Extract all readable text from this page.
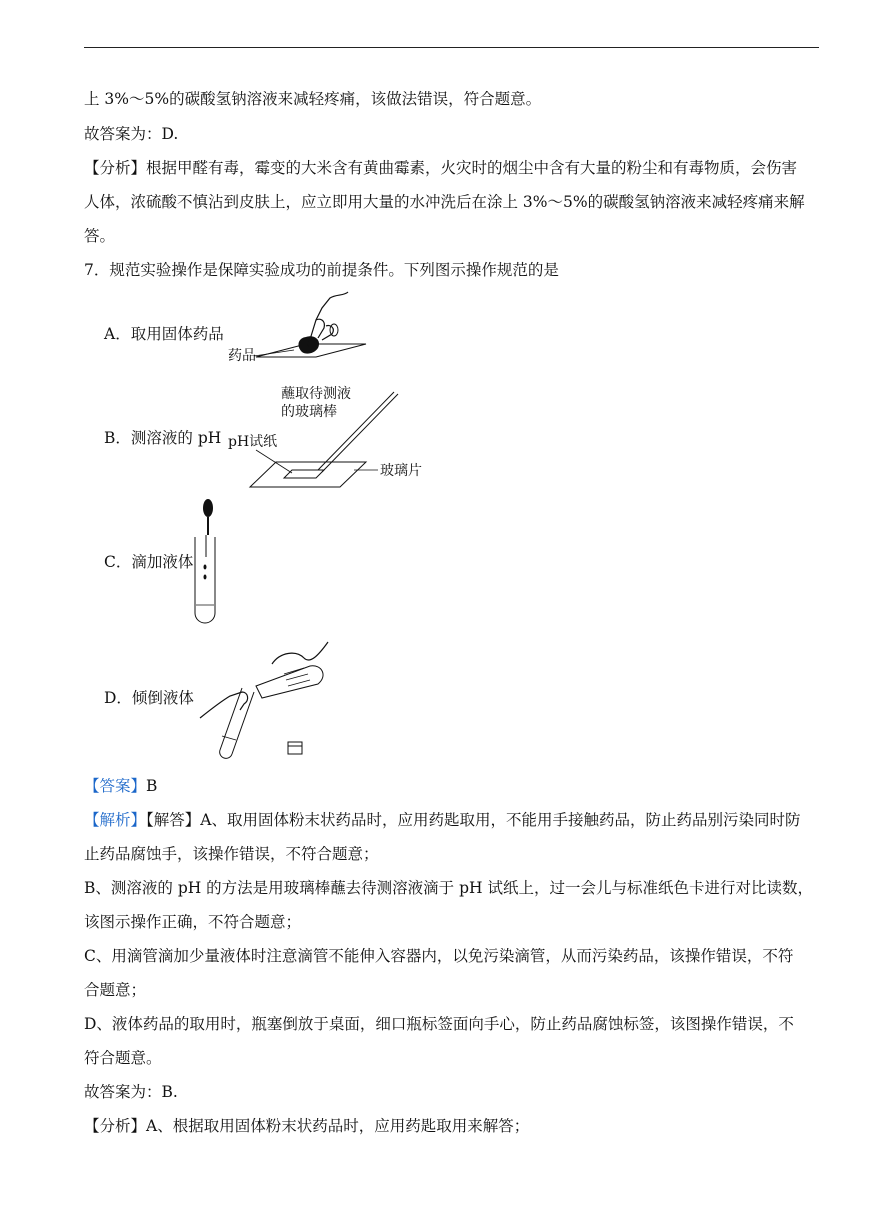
上 3%～5%的碳酸氢钠溶液来减轻疼痛，该做法错误，符合题意。
故答案为：D.
【分析】根据甲醛有毒，霉变的大米含有黄曲霉素，火灾时的烟尘中含有大量的粉尘和有毒物质，会伤害
人体，浓硫酸不慎沾到皮肤上，应立即用大量的水冲洗后在涂上 3%～5%的碳酸氢钠溶液来减轻疼痛来解
答。
7．规范实验操作是保障实验成功的前提条件。下列图示操作规范的是
A．取用固体药品
药品
B．测溶液的 pH
蘸取待测液
的玻璃棒
pH试纸
玻璃片
C．滴加液体
D．倾倒液体
【答案】B
【解析】【解答】A、取用固体粉末状药品时，应用药匙取用，不能用手接触药品，防止药品别污染同时防
止药品腐蚀手，该操作错误，不符合题意；
B、测溶液的 pH 的方法是用玻璃棒蘸去待测溶液滴于 pH 试纸上，过一会儿与标准纸色卡进行对比读数，
该图示操作正确，不符合题意；
C、用滴管滴加少量液体时注意滴管不能伸入容器内，以免污染滴管，从而污染药品，该操作错误，不符
合题意；
D、液体药品的取用时，瓶塞倒放于桌面，细口瓶标签面向手心，防止药品腐蚀标签，该图操作错误，不
符合题意。
故答案为：B.
【分析】A、根据取用固体粉末状药品时，应用药匙取用来解答；
